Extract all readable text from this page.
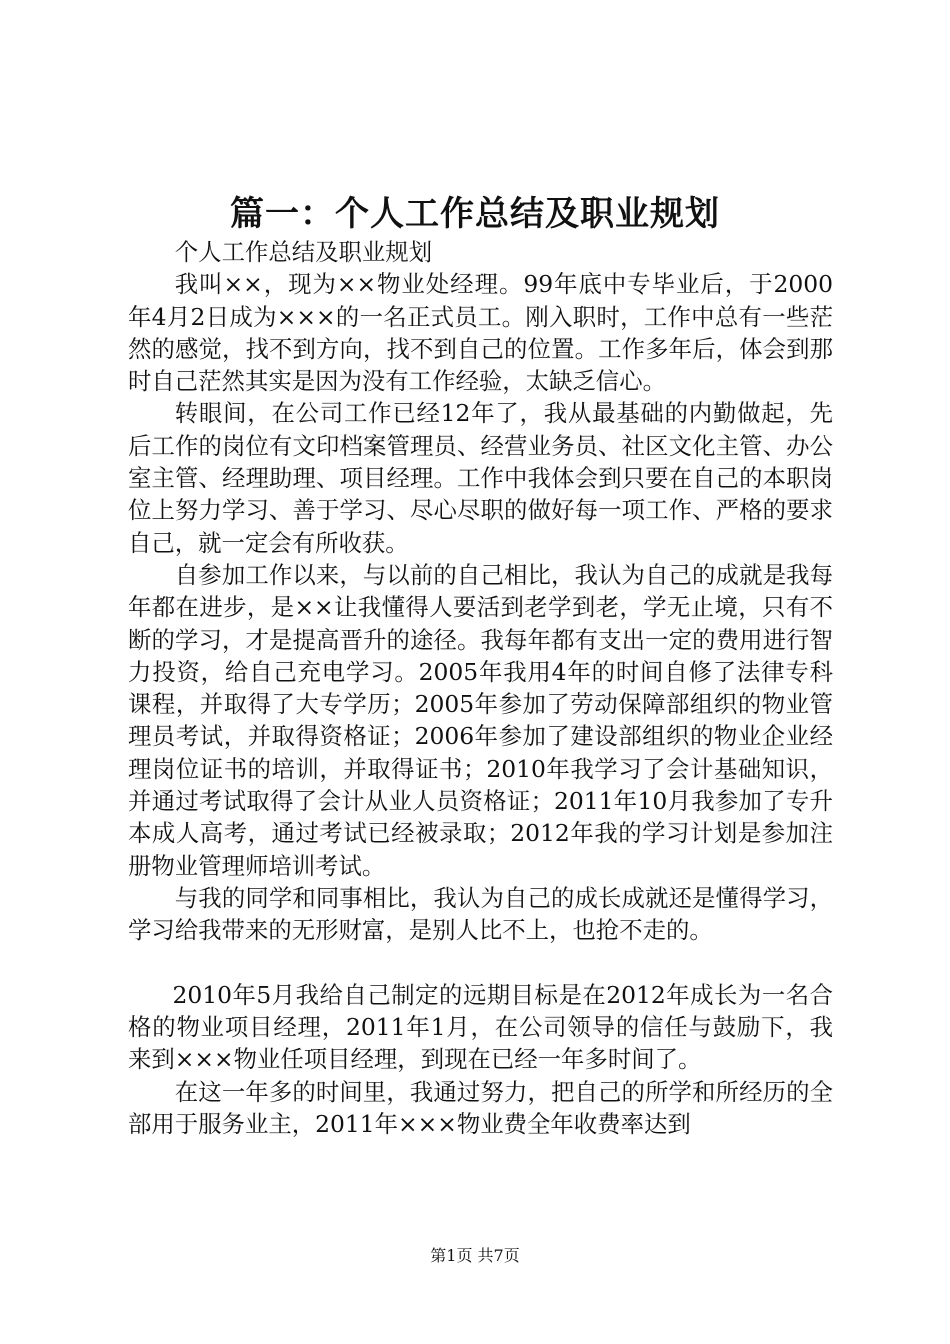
篇一：个人工作总结及职业规划

个人工作总结及职业规划

我叫××，现为××物业处经理。99年底中专毕业后，于2000年4月2日成为×××的一名正式员工。刚入职时，工作中总有一些茫然的感觉，找不到方向，找不到自己的位置。工作多年后，体会到那时自己茫然其实是因为没有工作经验，太缺乏信心。

转眼间，在公司工作已经12年了，我从最基础的内勤做起，先后工作的岗位有文印档案管理员、经营业务员、社区文化主管、办公室主管、经理助理、项目经理。工作中我体会到只要在自己的本职岗位上努力学习、善于学习、尽心尽职的做好每一项工作、严格的要求自己，就一定会有所收获。

自参加工作以来，与以前的自己相比，我认为自己的成就是我每年都在进步，是××让我懂得人要活到老学到老，学无止境，只有不断的学习，才是提高晋升的途径。我每年都有支出一定的费用进行智力投资，给自己充电学习。2005年我用4年的时间自修了法律专科课程，并取得了大专学历；2005年参加了劳动保障部组织的物业管理员考试，并取得资格证；2006年参加了建设部组织的物业企业经理岗位证书的培训，并取得证书；2010年我学习了会计基础知识，并通过考试取得了会计从业人员资格证；2011年10月我参加了专升本成人高考，通过考试已经被录取；2012年我的学习计划是参加注册物业管理师培训考试。

与我的同学和同事相比，我认为自己的成长成就还是懂得学习，学习给我带来的无形财富，是别人比不上，也抢不走的。

2010年5月我给自己制定的远期目标是在2012年成长为一名合格的物业项目经理，2011年1月，在公司领导的信任与鼓励下，我来到×××物业任项目经理，到现在已经一年多时间了。

在这一年多的时间里，我通过努力，把自己的所学和所经历的全部用于服务业主，2011年×××物业费全年收费率达到

第1页 共7页
